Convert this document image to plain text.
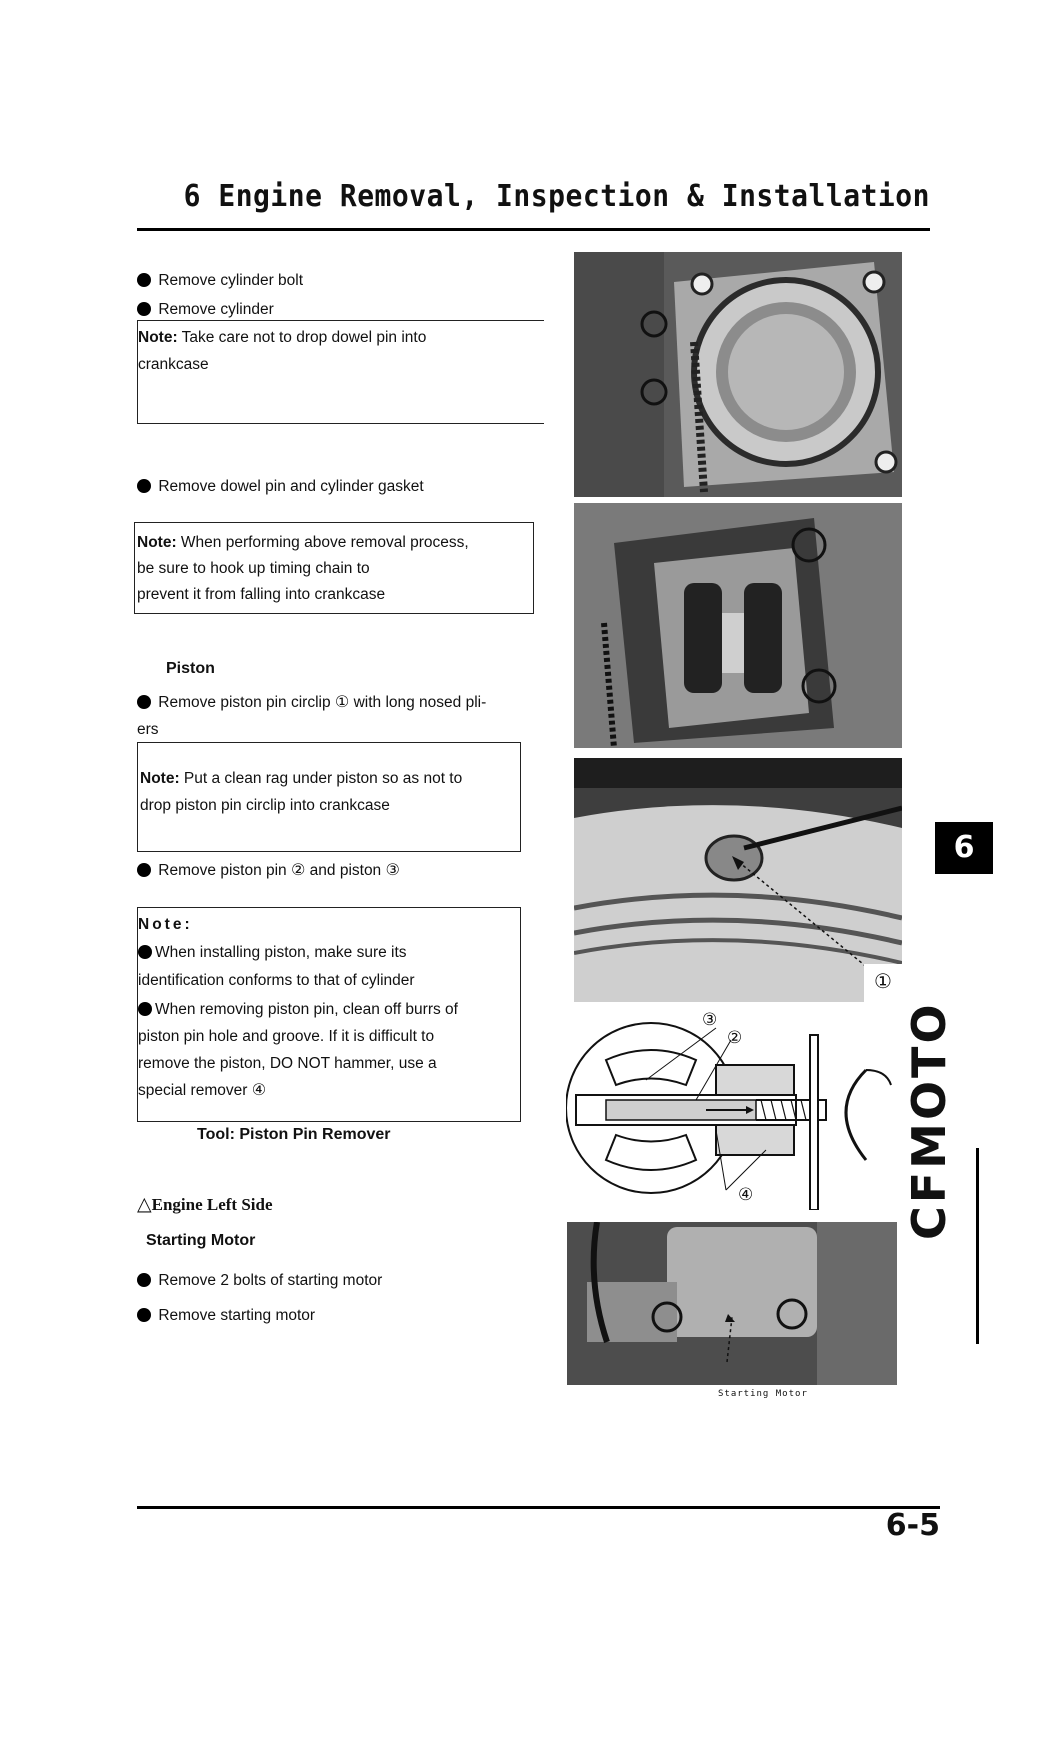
6 Engine Removal, Inspection & Installation
Remove cylinder bolt
Remove cylinder

Note: Take care not to drop dowel pin into

crankcase

Remove dowel pin and cylinder gasket

Note: When performing above removal process,

be sure to hook up timing chain to

prevent it from falling into crankcase

Piston
Remove piston pin circlip ① with long nosed pli-
ers

Note: Put a clean rag under piston so as not to

drop piston pin circlip into crankcase

Remove piston pin ② and piston ③

Note:

When installing piston, make sure its

identification conforms to that of cylinder

When removing piston pin, clean off burrs of

piston pin hole and groove. If it is difficult to

remove the piston, DO NOT hammer, use a

special remover ④

Tool: Piston Pin Remover
△Engine Left Side
Starting Motor
Remove 2 bolts of starting motor
Remove starting motor
①
③
②
④
Starting Motor
6
CFMOTO
6-5
